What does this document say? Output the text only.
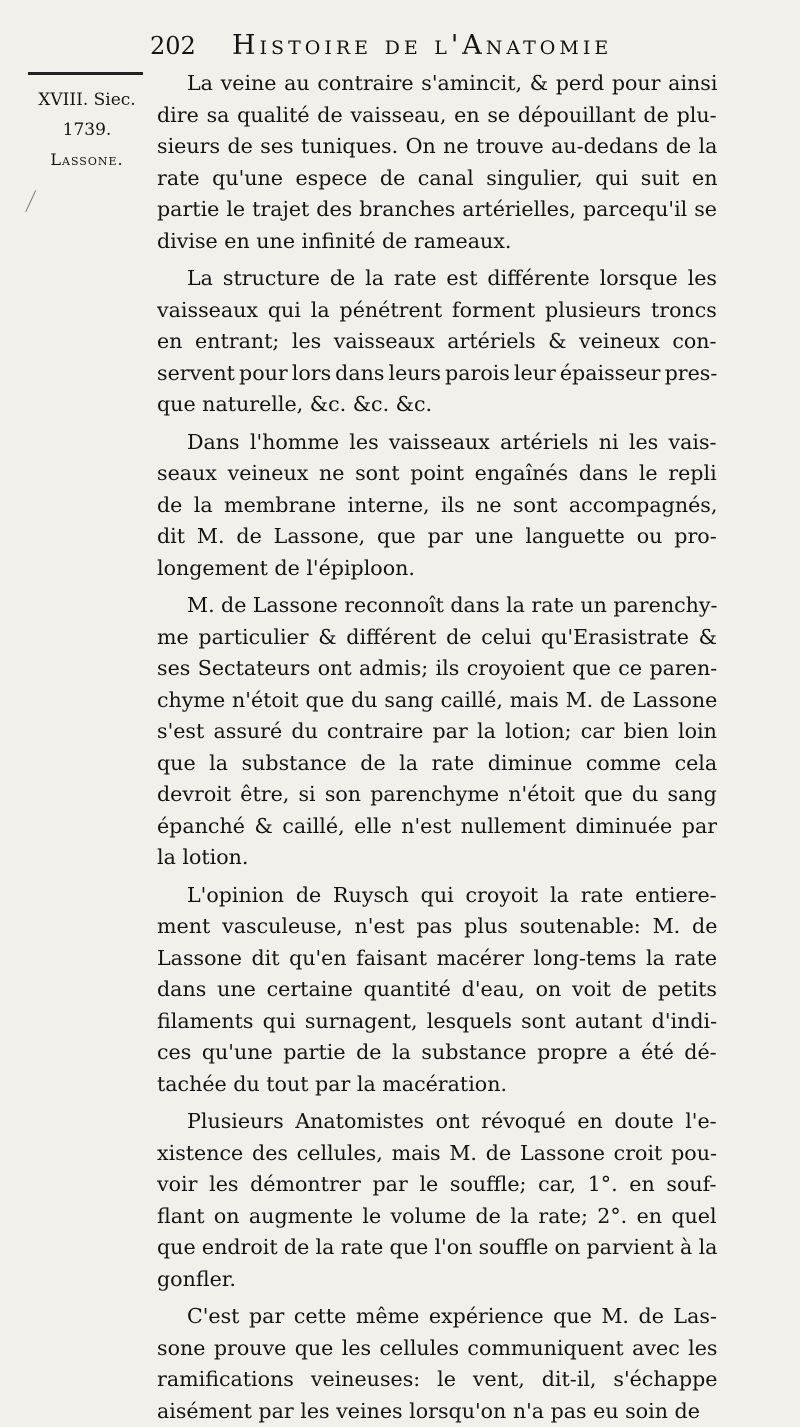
202 Histoire de l'Anatomie
XVIII. Siec.
1739.
Lassone.
La veine au contraire s'amincit, & perd pour ainsi
dire sa qualité de vaisseau, en se dépouillant de plu-
sieurs de ses tuniques. On ne trouve au-dedans de la
rate qu'une espece de canal singulier, qui suit en
partie le trajet des branches artérielles, parcequ'il se
divise en une infinité de rameaux.
La structure de la rate est différente lorsque les
vaisseaux qui la pénétrent forment plusieurs troncs
en entrant; les vaisseaux artériels & veineux con-
servent pour lors dans leurs parois leur épaisseur pres-
que naturelle, &c. &c. &c.
Dans l'homme les vaisseaux artériels ni les vais-
seaux veineux ne sont point engaînés dans le repli
de la membrane interne, ils ne sont accompagnés,
dit M. de Lassone, que par une languette ou pro-
longement de l'épiploon.
M. de Lassone reconnoît dans la rate un parenchy-
me particulier & différent de celui qu'Erasistrate &
ses Sectateurs ont admis; ils croyoient que ce paren-
chyme n'étoit que du sang caillé, mais M. de Lassone
s'est assuré du contraire par la lotion; car bien loin
que la substance de la rate diminue comme cela
devroit être, si son parenchyme n'étoit que du sang
épanché & caillé, elle n'est nullement diminuée par
la lotion.
L'opinion de Ruysch qui croyoit la rate entiere-
ment vasculeuse, n'est pas plus soutenable: M. de
Lassone dit qu'en faisant macérer long-tems la rate
dans une certaine quantité d'eau, on voit de petits
filaments qui surnagent, lesquels sont autant d'indi-
ces qu'une partie de la substance propre a été dé-
tachée du tout par la macération.
Plusieurs Anatomistes ont révoqué en doute l'e-
xistence des cellules, mais M. de Lassone croit pou-
voir les démontrer par le souffle; car, 1°. en souf-
flant on augmente le volume de la rate; 2°. en quel
que endroit de la rate que l'on souffle on parvient à la
gonfler.
C'est par cette même expérience que M. de Las-
sone prouve que les cellules communiquent avec les
ramifications veineuses: le vent, dit-il, s'échappe
aisément par les veines lorsqu'on n'a pas eu soin de
